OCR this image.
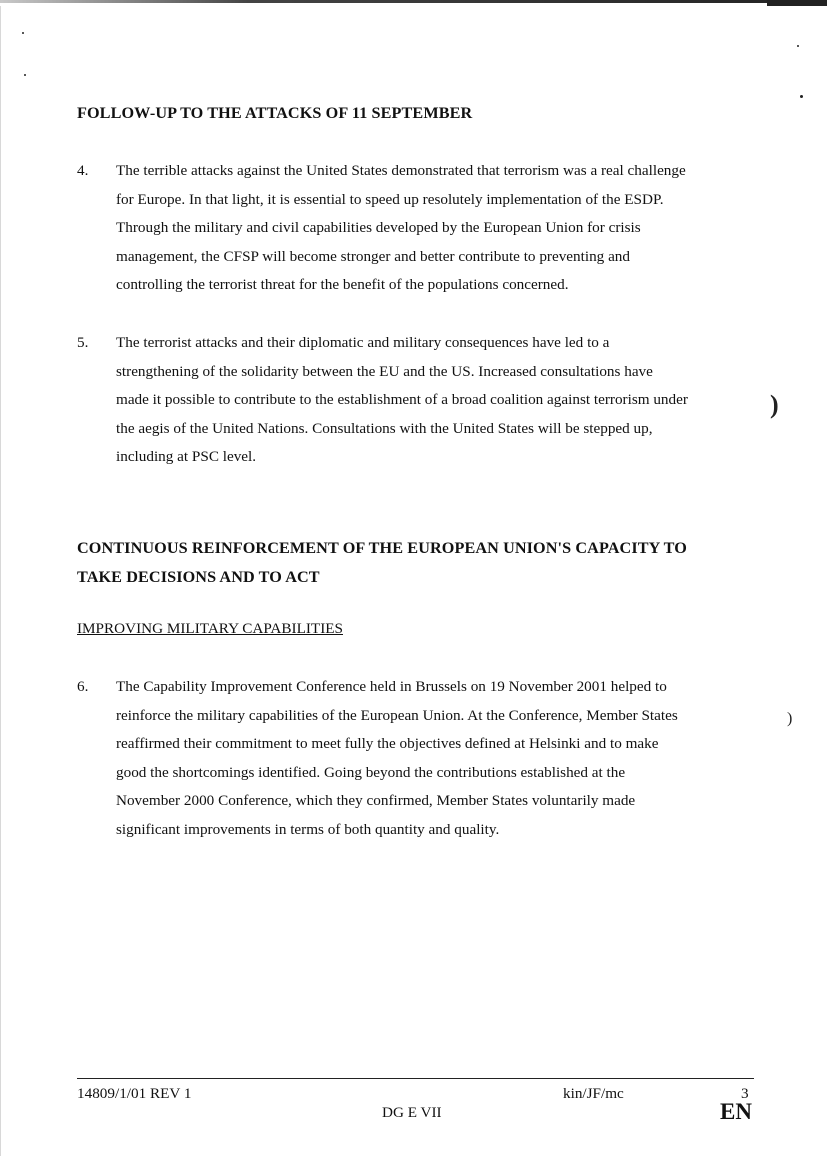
FOLLOW-UP TO THE ATTACKS OF 11 SEPTEMBER
4. The terrible attacks against the United States demonstrated that terrorism was a real challenge
for Europe. In that light, it is essential to speed up resolutely implementation of the ESDP.
Through the military and civil capabilities developed by the European Union for crisis
management, the CFSP will become stronger and better contribute to preventing and
controlling the terrorist threat for the benefit of the populations concerned.
5. The terrorist attacks and their diplomatic and military consequences have led to a
strengthening of the solidarity between the EU and the US. Increased consultations have
made it possible to contribute to the establishment of a broad coalition against terrorism under
the aegis of the United Nations. Consultations with the United States will be stepped up,
including at PSC level.
)
CONTINUOUS REINFORCEMENT OF THE EUROPEAN UNION'S CAPACITY TO
TAKE DECISIONS AND TO ACT
IMPROVING MILITARY CAPABILITIES
6. The Capability Improvement Conference held in Brussels on 19 November 2001 helped to
reinforce the military capabilities of the European Union. At the Conference, Member States
reaffirmed their commitment to meet fully the objectives defined at Helsinki and to make
good the shortcomings identified. Going beyond the contributions established at the
November 2000 Conference, which they confirmed, Member States voluntarily made
significant improvements in terms of both quantity and quality.
)
14809/1/01 REV 1	kin/JF/mc	3
DG E VII	EN
